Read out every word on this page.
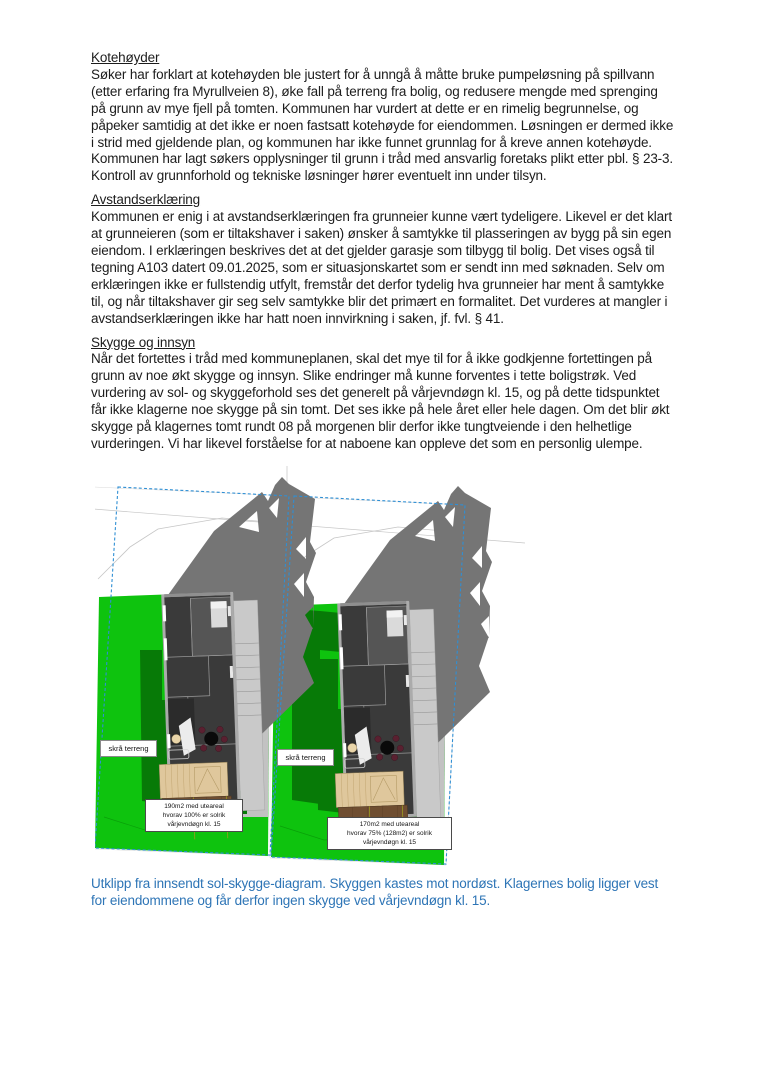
Kotehøyder
Søker har forklart at kotehøyden ble justert for å unngå å måtte bruke pumpeløsning på spillvann (etter erfaring fra Myrullveien 8), øke fall på terreng fra bolig, og redusere mengde med sprenging på grunn av mye fjell på tomten. Kommunen har vurdert at dette er en rimelig begrunnelse, og påpeker samtidig at det ikke er noen fastsatt kotehøyde for eiendommen. Løsningen er dermed ikke i strid med gjeldende plan, og kommunen har ikke funnet grunnlag for å kreve annen kotehøyde. Kommunen har lagt søkers opplysninger til grunn i tråd med ansvarlig foretaks plikt etter pbl. § 23-3. Kontroll av grunnforhold og tekniske løsninger hører eventuelt inn under tilsyn.
Avstandserklæring
Kommunen er enig i at avstandserklæringen fra grunneier kunne vært tydeligere. Likevel er det klart at grunneieren (som er tiltakshaver i saken) ønsker å samtykke til plasseringen av bygg på sin egen eiendom. I erklæringen beskrives det at det gjelder garasje som tilbygg til bolig. Det vises også til tegning A103 datert 09.01.2025, som er situasjonskartet som er sendt inn med søknaden. Selv om erklæringen ikke er fullstendig utfylt, fremstår det derfor tydelig hva grunneier har ment å samtykke til, og når tiltakshaver gir seg selv samtykke blir det primært en formalitet. Det vurderes at mangler i avstandserklæringen ikke har hatt noen innvirkning i saken, jf. fvl. § 41.
Skygge og innsyn
Når det fortettes i tråd med kommuneplanen, skal det mye til for å ikke godkjenne fortettingen på grunn av noe økt skygge og innsyn. Slike endringer må kunne forventes i tette boligstrøk. Ved vurdering av sol- og skyggeforhold ses det generelt på vårjevndøgn kl. 15, og på dette tidspunktet får ikke klagerne noe skygge på sin tomt. Det ses ikke på hele året eller hele dagen. Om det blir økt skygge på klagernes tomt rundt 08 på morgenen blir derfor ikke tungtveiende i den helhetlige vurderingen. Vi har likevel forståelse for at naboene kan oppleve det som en personlig ulempe.
skrå terreng
skrå terreng
190m2 med uteareal
hvorav 100% er solrik
vårjevndøgn kl. 15	170m2 med uteareal
hvorav 75% (128m2) er solrik
vårjevndøgn kl. 15
Utklipp fra innsendt sol-skygge-diagram. Skyggen kastes mot nordøst. Klagernes bolig ligger vest for eiendommene og får derfor ingen skygge ved vårjevndøgn kl. 15.
